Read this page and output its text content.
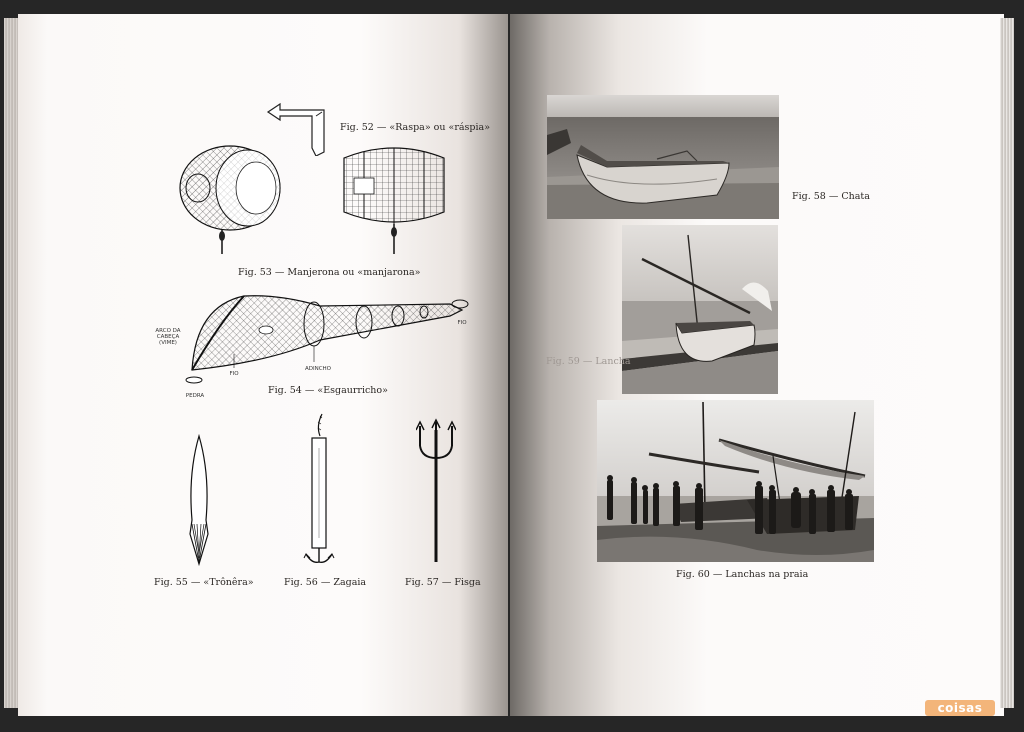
Fig. 52 — «Raspa» ou «ráspia»
Fig. 53 — Manjerona ou «manjarona»
ARCO DA CABEÇA (VIME)
PEDRA
FIO
ADINCHO
FIO
Fig. 54 — «Esgaurricho»
Fig. 55 — «Trônêra»	Fig. 56 — Zagaia	Fig. 57 — Fisga
Fig. 58 — Chata
Fig. 59 — Lancha
Fig. 60 — Lanchas na praia
coisas
